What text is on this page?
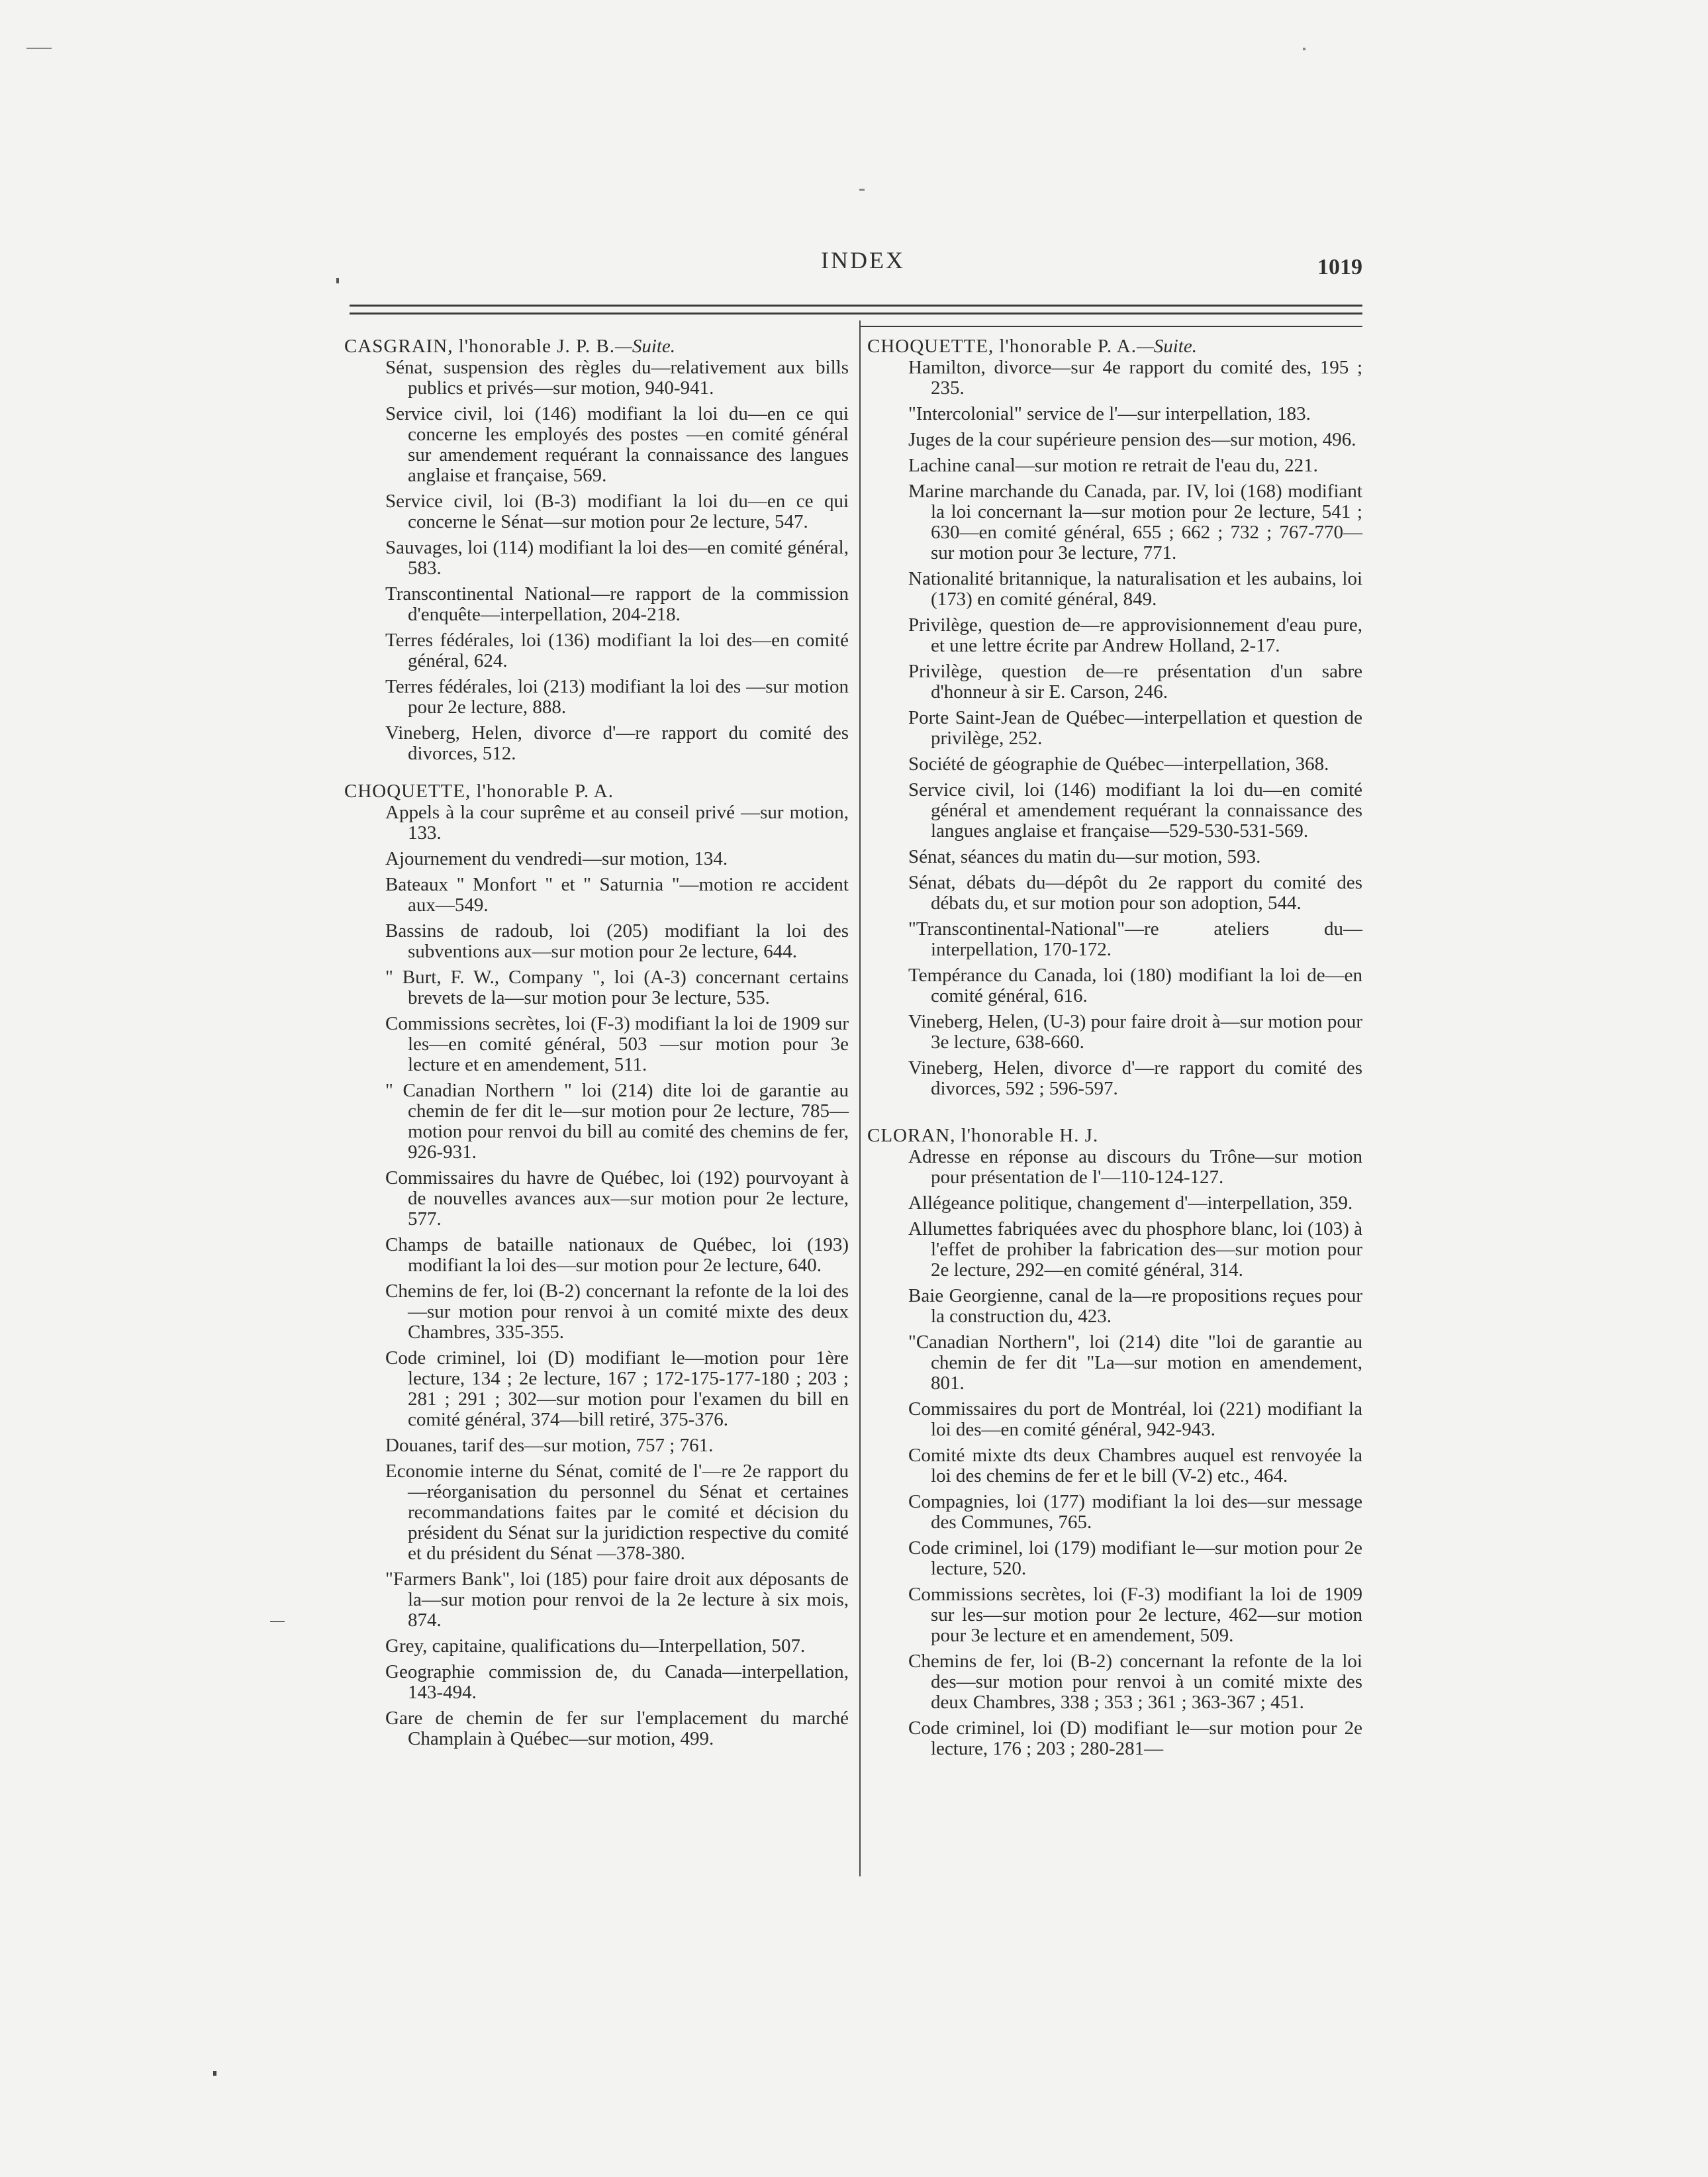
INDEX	1019
CASGRAIN, l'honorable J. P. B.—Suite.
Sénat, suspension des règles du—relativement aux bills publics et privés—sur motion, 940-941.
Service civil, loi (146) modifiant la loi du—en ce qui concerne les employés des postes —en comité général sur amendement requérant la connaissance des langues anglaise et française, 569.
Service civil, loi (B-3) modifiant la loi du—en ce qui concerne le Sénat—sur motion pour 2e lecture, 547.
Sauvages, loi (114) modifiant la loi des—en comité général, 583.
Transcontinental National—re rapport de la commission d'enquête—interpellation, 204-218.
Terres fédérales, loi (136) modifiant la loi des—en comité général, 624.
Terres fédérales, loi (213) modifiant la loi des —sur motion pour 2e lecture, 888.
Vineberg, Helen, divorce d'—re rapport du comité des divorces, 512.
CHOQUETTE, l'honorable P. A.
Appels à la cour suprême et au conseil privé —sur motion, 133.
Ajournement du vendredi—sur motion, 134.
Bateaux " Monfort " et " Saturnia "—motion re accident aux—549.
Bassins de radoub, loi (205) modifiant la loi des subventions aux—sur motion pour 2e lecture, 644.
" Burt, F. W., Company ", loi (A-3) concernant certains brevets de la—sur motion pour 3e lecture, 535.
Commissions secrètes, loi (F-3) modifiant la loi de 1909 sur les—en comité général, 503 —sur motion pour 3e lecture et en amendement, 511.
" Canadian Northern " loi (214) dite loi de garantie au chemin de fer dit le—sur motion pour 2e lecture, 785—motion pour renvoi du bill au comité des chemins de fer, 926-931.
Commissaires du havre de Québec, loi (192) pourvoyant à de nouvelles avances aux—sur motion pour 2e lecture, 577.
Champs de bataille nationaux de Québec, loi (193) modifiant la loi des—sur motion pour 2e lecture, 640.
Chemins de fer, loi (B-2) concernant la refonte de la loi des—sur motion pour renvoi à un comité mixte des deux Chambres, 335-355.
Code criminel, loi (D) modifiant le—motion pour 1ère lecture, 134 ; 2e lecture, 167 ; 172-175-177-180 ; 203 ; 281 ; 291 ; 302—sur motion pour l'examen du bill en comité général, 374—bill retiré, 375-376.
Douanes, tarif des—sur motion, 757 ; 761.
Economie interne du Sénat, comité de l'—re 2e rapport du—réorganisation du personnel du Sénat et certaines recommandations faites par le comité et décision du président du Sénat sur la juridiction respective du comité et du président du Sénat —378-380.
"Farmers Bank", loi (185) pour faire droit aux déposants de la—sur motion pour renvoi de la 2e lecture à six mois, 874.
Grey, capitaine, qualifications du—Interpellation, 507.
Geographie commission de, du Canada—interpellation, 143-494.
Gare de chemin de fer sur l'emplacement du marché Champlain à Québec—sur motion, 499.
CHOQUETTE, l'honorable P. A.—Suite.
Hamilton, divorce—sur 4e rapport du comité des, 195 ; 235.
"Intercolonial" service de l'—sur interpellation, 183.
Juges de la cour supérieure pension des—sur motion, 496.
Lachine canal—sur motion re retrait de l'eau du, 221.
Marine marchande du Canada, par. IV, loi (168) modifiant la loi concernant la—sur motion pour 2e lecture, 541 ; 630—en comité général, 655 ; 662 ; 732 ; 767-770—sur motion pour 3e lecture, 771.
Nationalité britannique, la naturalisation et les aubains, loi (173) en comité général, 849.
Privilège, question de—re approvisionnement d'eau pure, et une lettre écrite par Andrew Holland, 2-17.
Privilège, question de—re présentation d'un sabre d'honneur à sir E. Carson, 246.
Porte Saint-Jean de Québec—interpellation et question de privilège, 252.
Société de géographie de Québec—interpellation, 368.
Service civil, loi (146) modifiant la loi du—en comité général et amendement requérant la connaissance des langues anglaise et française—529-530-531-569.
Sénat, séances du matin du—sur motion, 593.
Sénat, débats du—dépôt du 2e rapport du comité des débats du, et sur motion pour son adoption, 544.
"Transcontinental-National"—re ateliers du—interpellation, 170-172.
Tempérance du Canada, loi (180) modifiant la loi de—en comité général, 616.
Vineberg, Helen, (U-3) pour faire droit à—sur motion pour 3e lecture, 638-660.
Vineberg, Helen, divorce d'—re rapport du comité des divorces, 592 ; 596-597.
CLORAN, l'honorable H. J.
Adresse en réponse au discours du Trône—sur motion pour présentation de l'—110-124-127.
Allégeance politique, changement d'—interpellation, 359.
Allumettes fabriquées avec du phosphore blanc, loi (103) à l'effet de prohiber la fabrication des—sur motion pour 2e lecture, 292—en comité général, 314.
Baie Georgienne, canal de la—re propositions reçues pour la construction du, 423.
"Canadian Northern", loi (214) dite "loi de garantie au chemin de fer dit "La—sur motion en amendement, 801.
Commissaires du port de Montréal, loi (221) modifiant la loi des—en comité général, 942-943.
Comité mixte dts deux Chambres auquel est renvoyée la loi des chemins de fer et le bill (V-2) etc., 464.
Compagnies, loi (177) modifiant la loi des—sur message des Communes, 765.
Code criminel, loi (179) modifiant le—sur motion pour 2e lecture, 520.
Commissions secrètes, loi (F-3) modifiant la loi de 1909 sur les—sur motion pour 2e lecture, 462—sur motion pour 3e lecture et en amendement, 509.
Chemins de fer, loi (B-2) concernant la refonte de la loi des—sur motion pour renvoi à un comité mixte des deux Chambres, 338 ; 353 ; 361 ; 363-367 ; 451.
Code criminel, loi (D) modifiant le—sur motion pour 2e lecture, 176 ; 203 ; 280-281—
